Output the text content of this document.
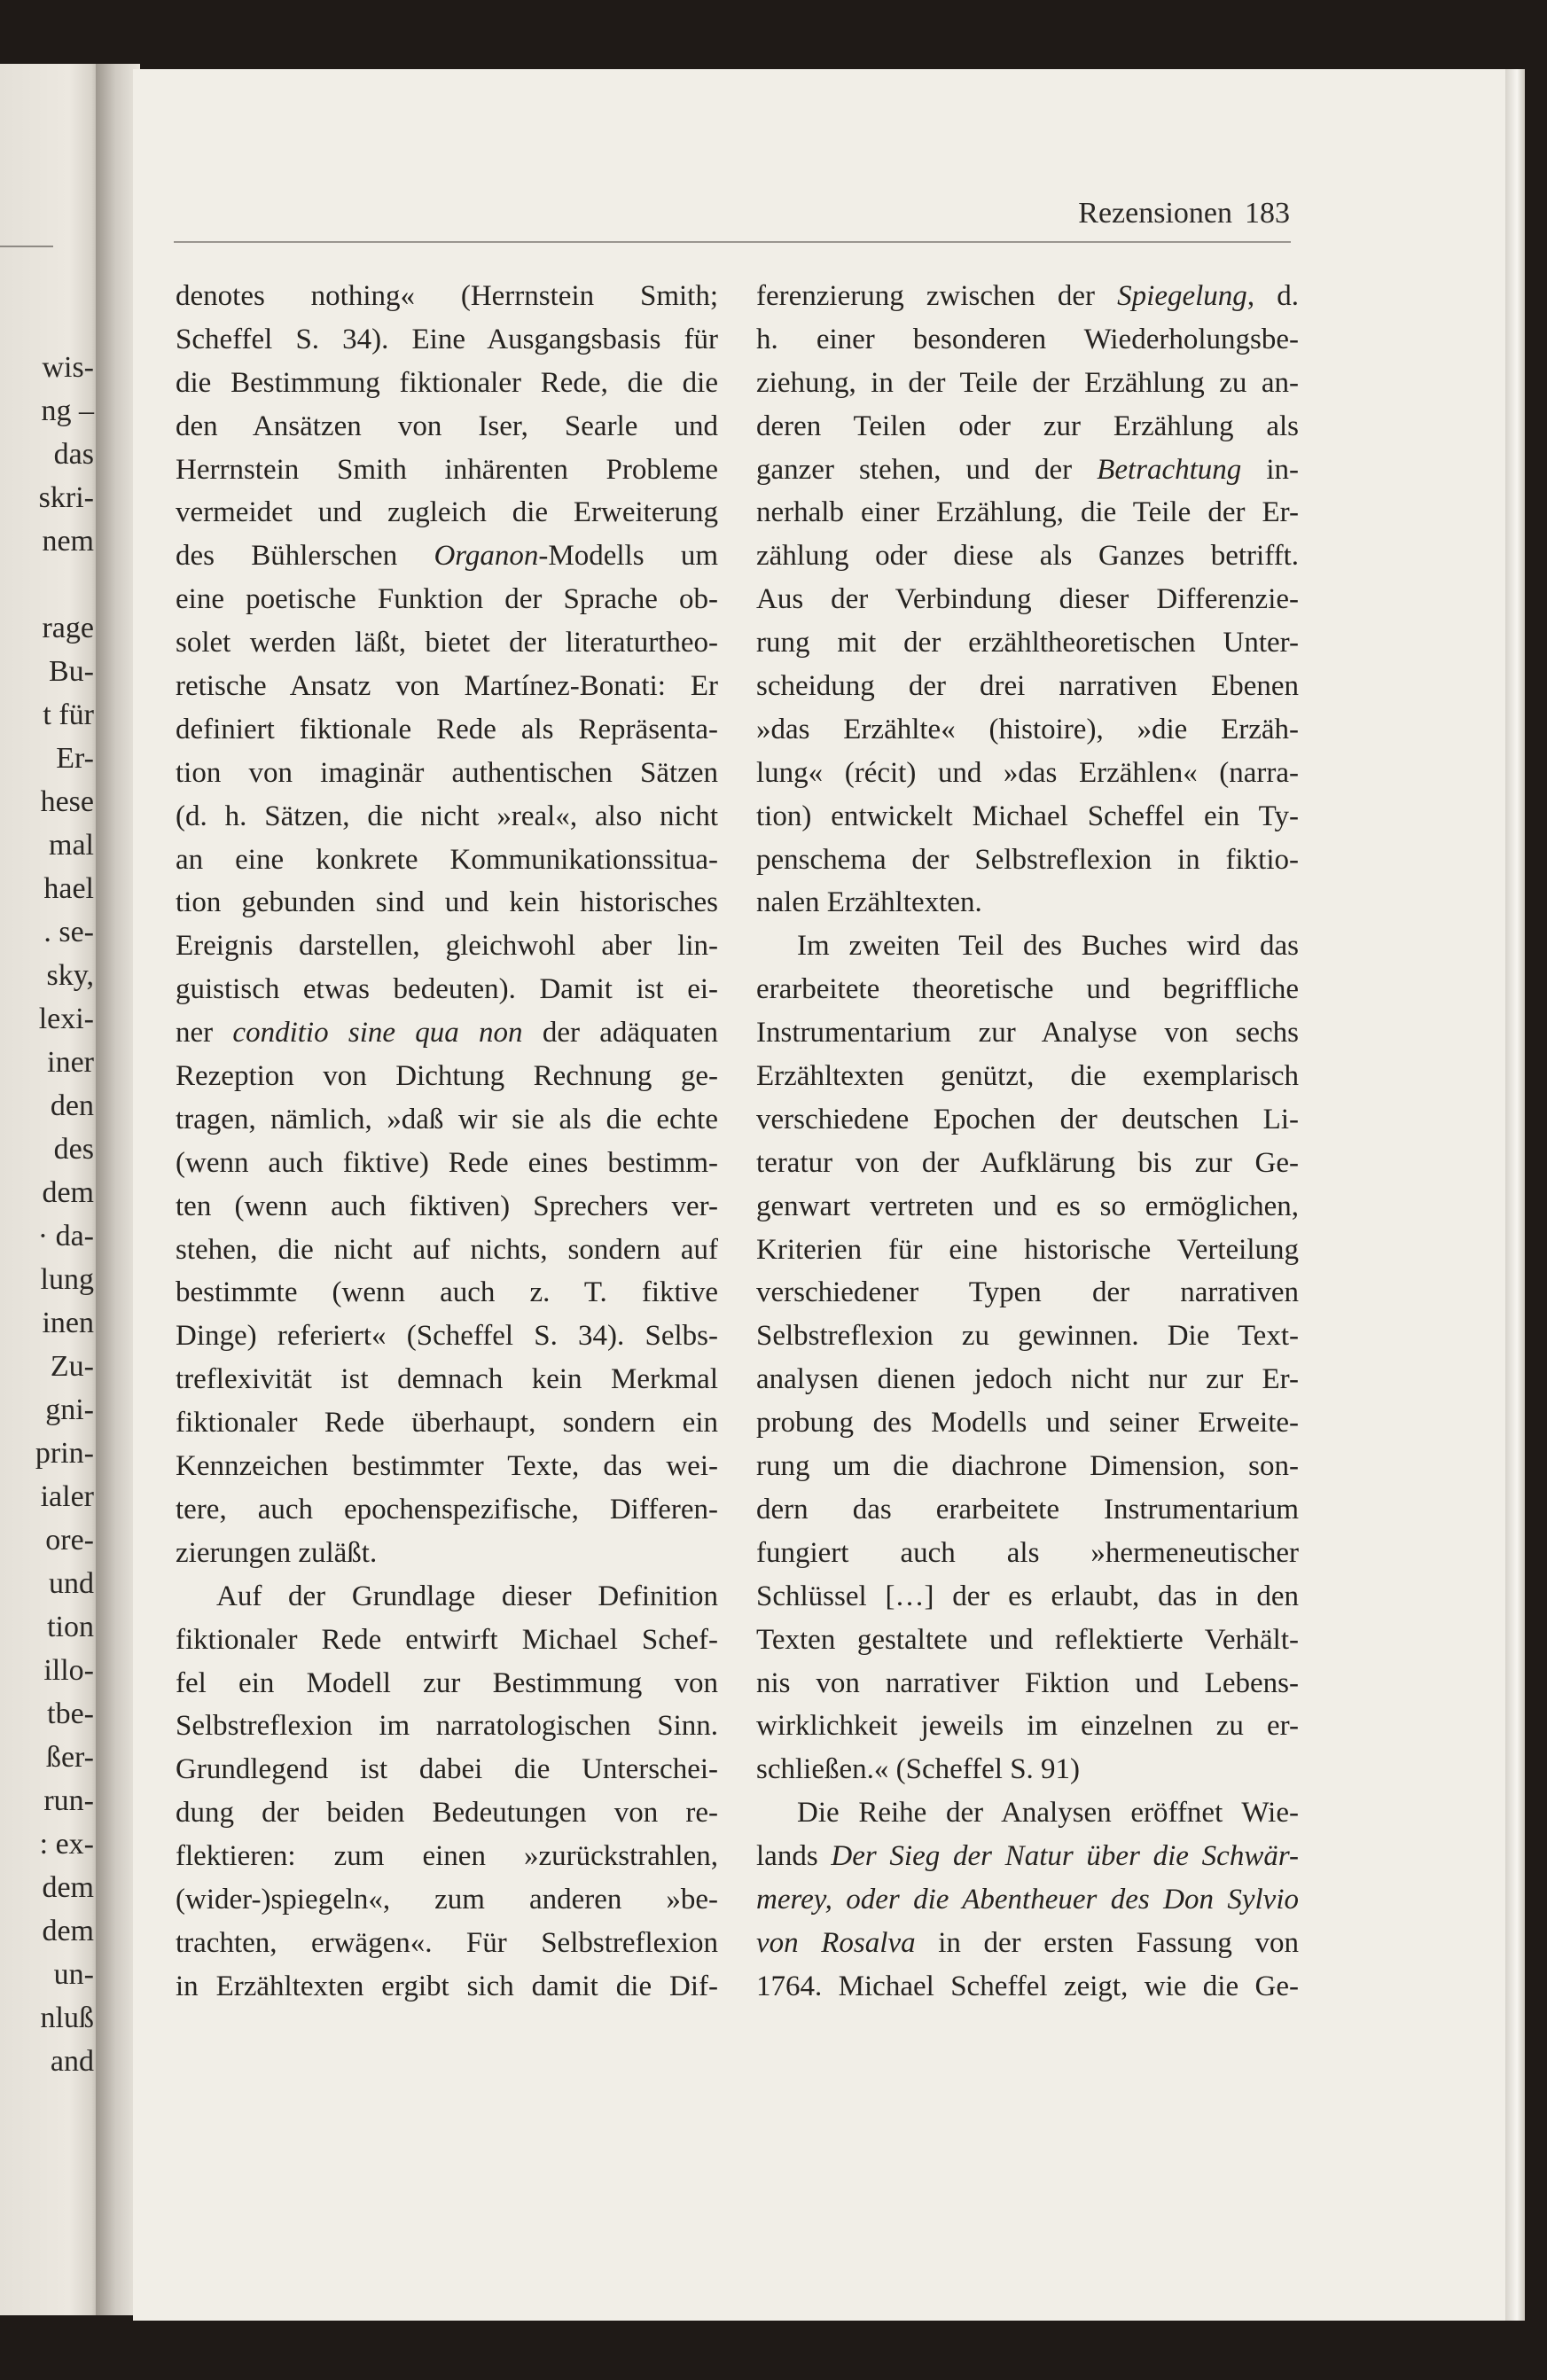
wis-
ng –
das
skri-
nem

rage
Bu-
t für
Er-
hese
mal
hael
. se-
sky,
lexi-
iner
den
des
dem
· da-
lung
inen
Zu-
gni-
prin-
ialer
ore-
und
tion
illo-
tbe-
ßer-
run-
: ex-
dem
dem
un-
nluß
and
Rezensionen 183
denotes nothing« (Herrnstein Smith;
Scheffel S. 34). Eine Ausgangsbasis für
die Bestimmung fiktionaler Rede, die die
den Ansätzen von Iser, Searle und
Herrnstein Smith inhärenten Probleme
vermeidet und zugleich die Erweiterung
des Bühlerschen Organon-Modells um
eine poetische Funktion der Sprache ob-
solet werden läßt, bietet der literaturtheo-
retische Ansatz von Martínez-Bonati: Er
definiert fiktionale Rede als Repräsenta-
tion von imaginär authentischen Sätzen
(d. h. Sätzen, die nicht »real«, also nicht
an eine konkrete Kommunikationssitua-
tion gebunden sind und kein historisches
Ereignis darstellen, gleichwohl aber lin-
guistisch etwas bedeuten). Damit ist ei-
ner conditio sine qua non der adäquaten
Rezeption von Dichtung Rechnung ge-
tragen, nämlich, »daß wir sie als die echte
(wenn auch fiktive) Rede eines bestimm-
ten (wenn auch fiktiven) Sprechers ver-
stehen, die nicht auf nichts, sondern auf
bestimmte (wenn auch z. T. fiktive
Dinge) referiert« (Scheffel S. 34). Selbs-
treflexivität ist demnach kein Merkmal
fiktionaler Rede überhaupt, sondern ein
Kennzeichen bestimmter Texte, das wei-
tere, auch epochenspezifische, Differen-
zierungen zuläßt.
Auf der Grundlage dieser Definition
fiktionaler Rede entwirft Michael Schef-
fel ein Modell zur Bestimmung von
Selbstreflexion im narratologischen Sinn.
Grundlegend ist dabei die Unterschei-
dung der beiden Bedeutungen von re-
flektieren: zum einen »zurückstrahlen,
(wider-)spiegeln«, zum anderen »be-
trachten, erwägen«. Für Selbstreflexion
in Erzähltexten ergibt sich damit die Dif-
ferenzierung zwischen der Spiegelung, d.
h. einer besonderen Wiederholungsbe-
ziehung, in der Teile der Erzählung zu an-
deren Teilen oder zur Erzählung als
ganzer stehen, und der Betrachtung in-
nerhalb einer Erzählung, die Teile der Er-
zählung oder diese als Ganzes betrifft.
Aus der Verbindung dieser Differenzie-
rung mit der erzähltheoretischen Unter-
scheidung der drei narrativen Ebenen
»das Erzählte« (histoire), »die Erzäh-
lung« (récit) und »das Erzählen« (narra-
tion) entwickelt Michael Scheffel ein Ty-
penschema der Selbstreflexion in fiktio-
nalen Erzähltexten.
Im zweiten Teil des Buches wird das
erarbeitete theoretische und begriffliche
Instrumentarium zur Analyse von sechs
Erzähltexten genützt, die exemplarisch
verschiedene Epochen der deutschen Li-
teratur von der Aufklärung bis zur Ge-
genwart vertreten und es so ermöglichen,
Kriterien für eine historische Verteilung
verschiedener Typen der narrativen
Selbstreflexion zu gewinnen. Die Text-
analysen dienen jedoch nicht nur zur Er-
probung des Modells und seiner Erweite-
rung um die diachrone Dimension, son-
dern das erarbeitete Instrumentarium
fungiert auch als »hermeneutischer
Schlüssel […] der es erlaubt, das in den
Texten gestaltete und reflektierte Verhält-
nis von narrativer Fiktion und Lebens-
wirklichkeit jeweils im einzelnen zu er-
schließen.« (Scheffel S. 91)
Die Reihe der Analysen eröffnet Wie-
lands Der Sieg der Natur über die Schwär-
merey, oder die Abentheuer des Don Sylvio
von Rosalva in der ersten Fassung von
1764. Michael Scheffel zeigt, wie die Ge-
